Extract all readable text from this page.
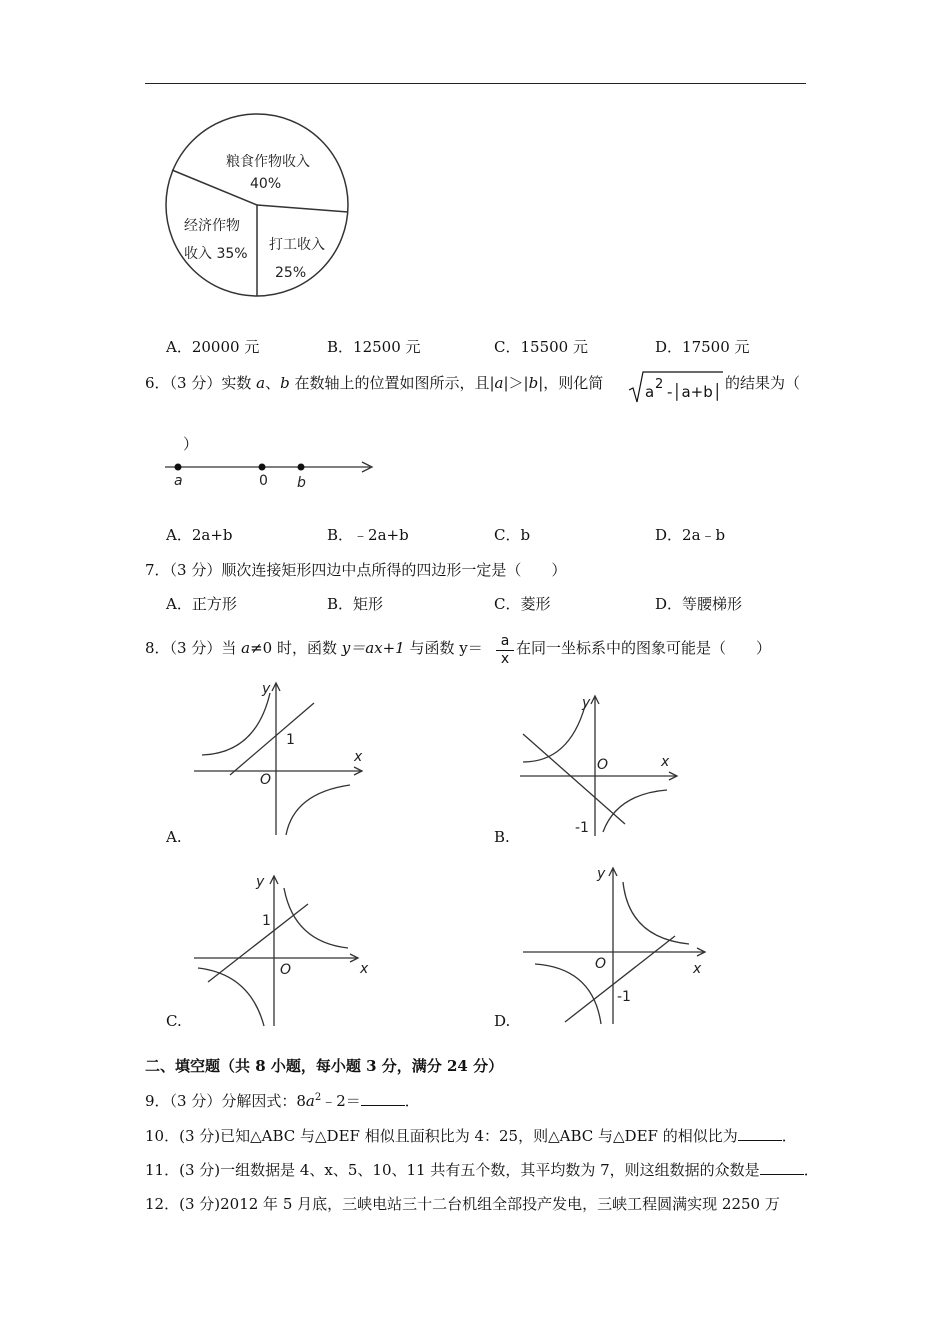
粮食作物收入
40%
经济作物
收入 35%
打工收入
25%
A．20000 元	B．12500 元	C．15500 元	D．17500 元
6．（3 分）实数 a、b 在数轴上的位置如图所示，且|a|＞|b|，则化简	a 2 -│a+b│ 的结果为（
）
a	0 b
A．2a+b	B．﹣2a+b	C．b	D．2a﹣b
7．（3 分）顺次连接矩形四边中点所得的四边形一定是（　　）
A．正方形	B．矩形	C．菱形	D．等腰梯形
8．（3 分）当 a≠0 时，函数 y＝ax+1 与函数 $y= \frac{a}{x}$ 在同一坐标系中的图象可能是（　　）
y
x
O
1
A.
y
x
O
-1
B.
y
x
O
1
C.
y
x
O
-1
D.
二、填空题（共 8 小题，每小题 3 分，满分 24 分）
9．（3 分）分解因式：$8a^2﹣2=$	．
10．(3 分)已知△ABC 与△DEF 相似且面积比为 4：25，则△ABC 与△DEF 的相似比为	．
11．(3 分)一组数据是 4、x、5、10、11 共有五个数，其平均数为 7，则这组数据的众数是	．
12．(3 分)2012 年 5 月底，三峡电站三十二台机组全部投产发电，三峡工程圆满实现 2250 万
